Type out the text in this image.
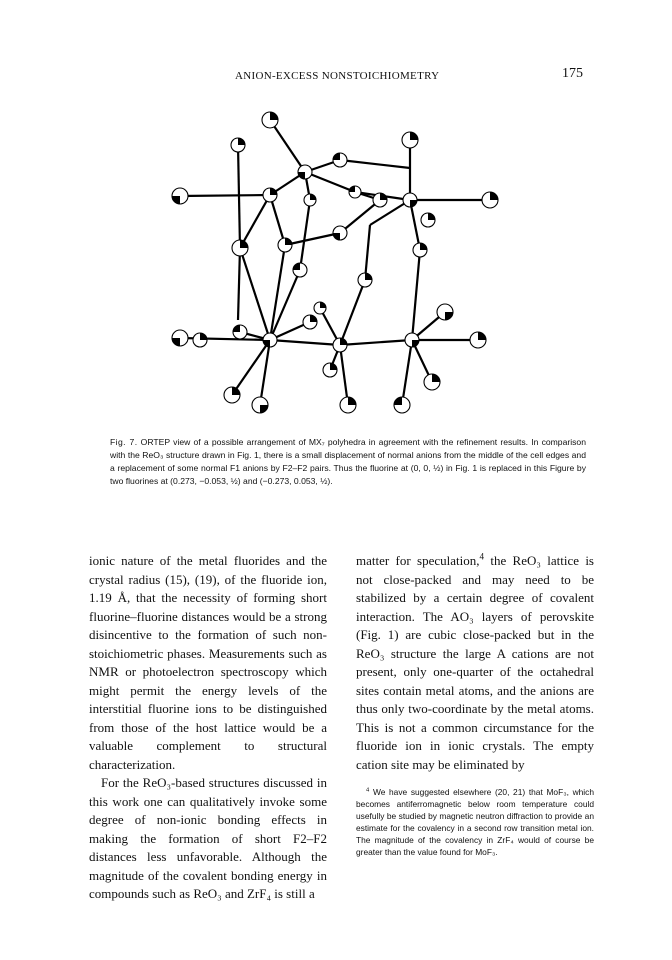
ANION-EXCESS NONSTOICHIOMETRY	175
Fig. 7. ORTEP view of a possible arrangement of MX₇ polyhedra in agreement with the refinement results. In comparison with the ReO₃ structure drawn in Fig. 1, there is a small displacement of normal anions from the middle of the cell edges and a replacement of some normal F1 anions by F2–F2 pairs. Thus the fluorine at (0, 0, ½) in Fig. 1 is replaced in this Figure by two fluorines at (0.273, −0.053, ½) and (−0.273, 0.053, ½).

ionic nature of the metal fluorides and the crystal radius (15), (19), of the fluoride ion, 1.19 Å, that the necessity of forming short fluorine–fluorine distances would be a strong disincentive to the formation of such non-stoichiometric phases. Measurements such as NMR or photoelectron spectroscopy which might permit the energy levels of the interstitial fluorine ions to be distinguished from those of the host lattice would be a valuable complement to structural characterization.

For the ReO₃-based structures discussed in this work one can qualitatively invoke some degree of non-ionic bonding effects in making the formation of short F2–F2 distances less unfavorable. Although the magnitude of the covalent bonding energy in compounds such as ReO₃ and ZrF₄ is still a

matter for speculation,$^4$ the ReO₃ lattice is not close-packed and may need to be stabilized by a certain degree of covalent interaction. The AO₃ layers of perovskite (Fig. 1) are cubic close-packed but in the ReO₃ structure the large A cations are not present, only one-quarter of the octahedral sites contain metal atoms, and the anions are thus only two-coordinate by the metal atoms. This is not a common circumstance for the fluoride ion in ionic crystals. The empty cation site may be eliminated by

$^4$ We have suggested elsewhere (20, 21) that MoF₃, which becomes antiferromagnetic below room temperature could usefully be studied by magnetic neutron diffraction to provide an estimate for the covalency in a second row transition metal ion. The magnitude of the covalency in ZrF₄ would of course be greater than the value found for MoF₃.
